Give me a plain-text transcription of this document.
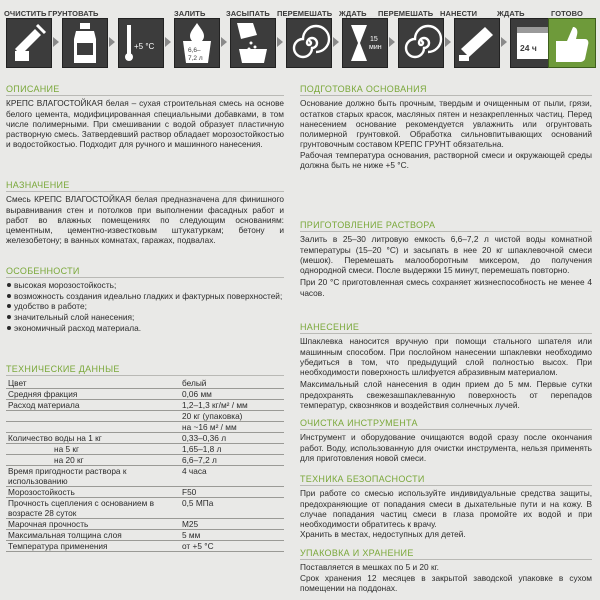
ОЧИСТИТЬ ГРУНТОВАТЬ	ЗАЛИТЬ	ЗАСЫПАТЬ ПЕРЕМЕШАТЬ ЖДАТЬ ПЕРЕМЕШАТЬ НАНЕСТИ	ЖДАТЬ	ГОТОВО
+5 °C	6,6–
7,2 л
15
мин	24 ч
ОПИСАНИЕ
КРЕПС ВЛАГОСТОЙКАЯ белая – сухая строительная смесь на основе белого цемента, модифицированная специальными добавками, в том числе полимерными. При смешивании с водой образует пластичную растворную смесь. Затвердевший раствор обладает морозостойкостью и водостойкостью. Подходит для ручного и машинного нанесения.
НАЗНАЧЕНИЕ
Смесь КРЕПС ВЛАГОСТОЙКАЯ белая предназначена для финишного выравнивания стен и потолков при выполнении фасадных работ и работ во влажных помещениях по следующим основаниям: цементным, цементно-известковым штукатуркам; бетону и железобетону; в ванных комнатах, гаражах, подвалах.
ОСОБЕННОСТИ
высокая морозостойкость;
возможность создания идеально гладких и фактурных поверхностей;
удобство в работе;
значительный слой нанесения;
экономичный расход материала.
ТЕХНИЧЕСКИЕ ДАННЫЕ
Цвет	белый
Средняя фракция	0,06 мм
Расход материала	1,2–1,3 кг/м² / мм
	20 кг (упаковка)
	на ~16 м² / мм
Количество воды на 1 кг	0,33–0,36 л
на 5 кг	1,65–1,8 л
на 20 кг	6,6–7,2 л
Время пригодности раствора к использованию	4 часа
Морозостойкость	F50
Прочность сцепления с основанием в возрасте 28 суток	0,5 МПа
Марочная прочность	M25
Максимальная толщина слоя	5 мм
Температура применения	от +5 °С
ПОДГОТОВКА ОСНОВАНИЯ
Основание должно быть прочным, твердым и очищенным от пыли, грязи, остатков старых красок, масляных пятен и незакрепленных частиц. Перед нанесением основание рекомендуется увлажнить или огрунтовать полимерной грунтовкой. Обработка сильновпитывающих оснований грунтовочным составом КРЕПС ГРУНТ обязательна.
Рабочая температура основания, растворной смеси и окружающей среды должна быть не ниже +5 °C.
ПРИГОТОВЛЕНИЕ РАСТВОРА
Залить в 25–30 литровую емкость 6,6–7,2 л чистой воды комнатной температуры (15–20 °С) и засыпать в нее 20 кг шпаклевочной смеси (мешок). Перемешать малооборотным миксером, до получения однородной смеси. После выдержки 15 минут, перемешать повторно.
При 20 °С приготовленная смесь сохраняет жизнеспособность не менее 4 часов.
НАНЕСЕНИЕ
Шпаклевка наносится вручную при помощи стального шпателя или машинным способом. При послойном нанесении шпаклевки необходимо убедиться в том, что предыдущий слой полностью высох. При необходимости поверхность шлифуется абразивным материалом.
Максимальный слой нанесения в один прием до 5 мм. Первые сутки предохранять свежезашпаклеванную поверхность от перепадов температур, сквозняков и воздействия солнечных лучей.
ОЧИСТКА ИНСТРУМЕНТА
Инструмент и оборудование очищаются водой сразу после окончания работ. Воду, использованную для очистки инструмента, нельзя применять для приготовления новой смеси.
ТЕХНИКА БЕЗОПАСНОСТИ
При работе со смесью используйте индивидуальные средства защиты, предохраняющие от попадания смеси в дыхательные пути и на кожу. В случае попадания частиц смеси в глаза промойте их водой и при необходимости обратитесь к врачу.
Хранить в местах, недоступных для детей.
УПАКОВКА И ХРАНЕНИЕ
Поставляется в мешках по 5 и 20 кг.
Срок хранения 12 месяцев в закрытой заводской упаковке в сухом помещении на поддонах.
